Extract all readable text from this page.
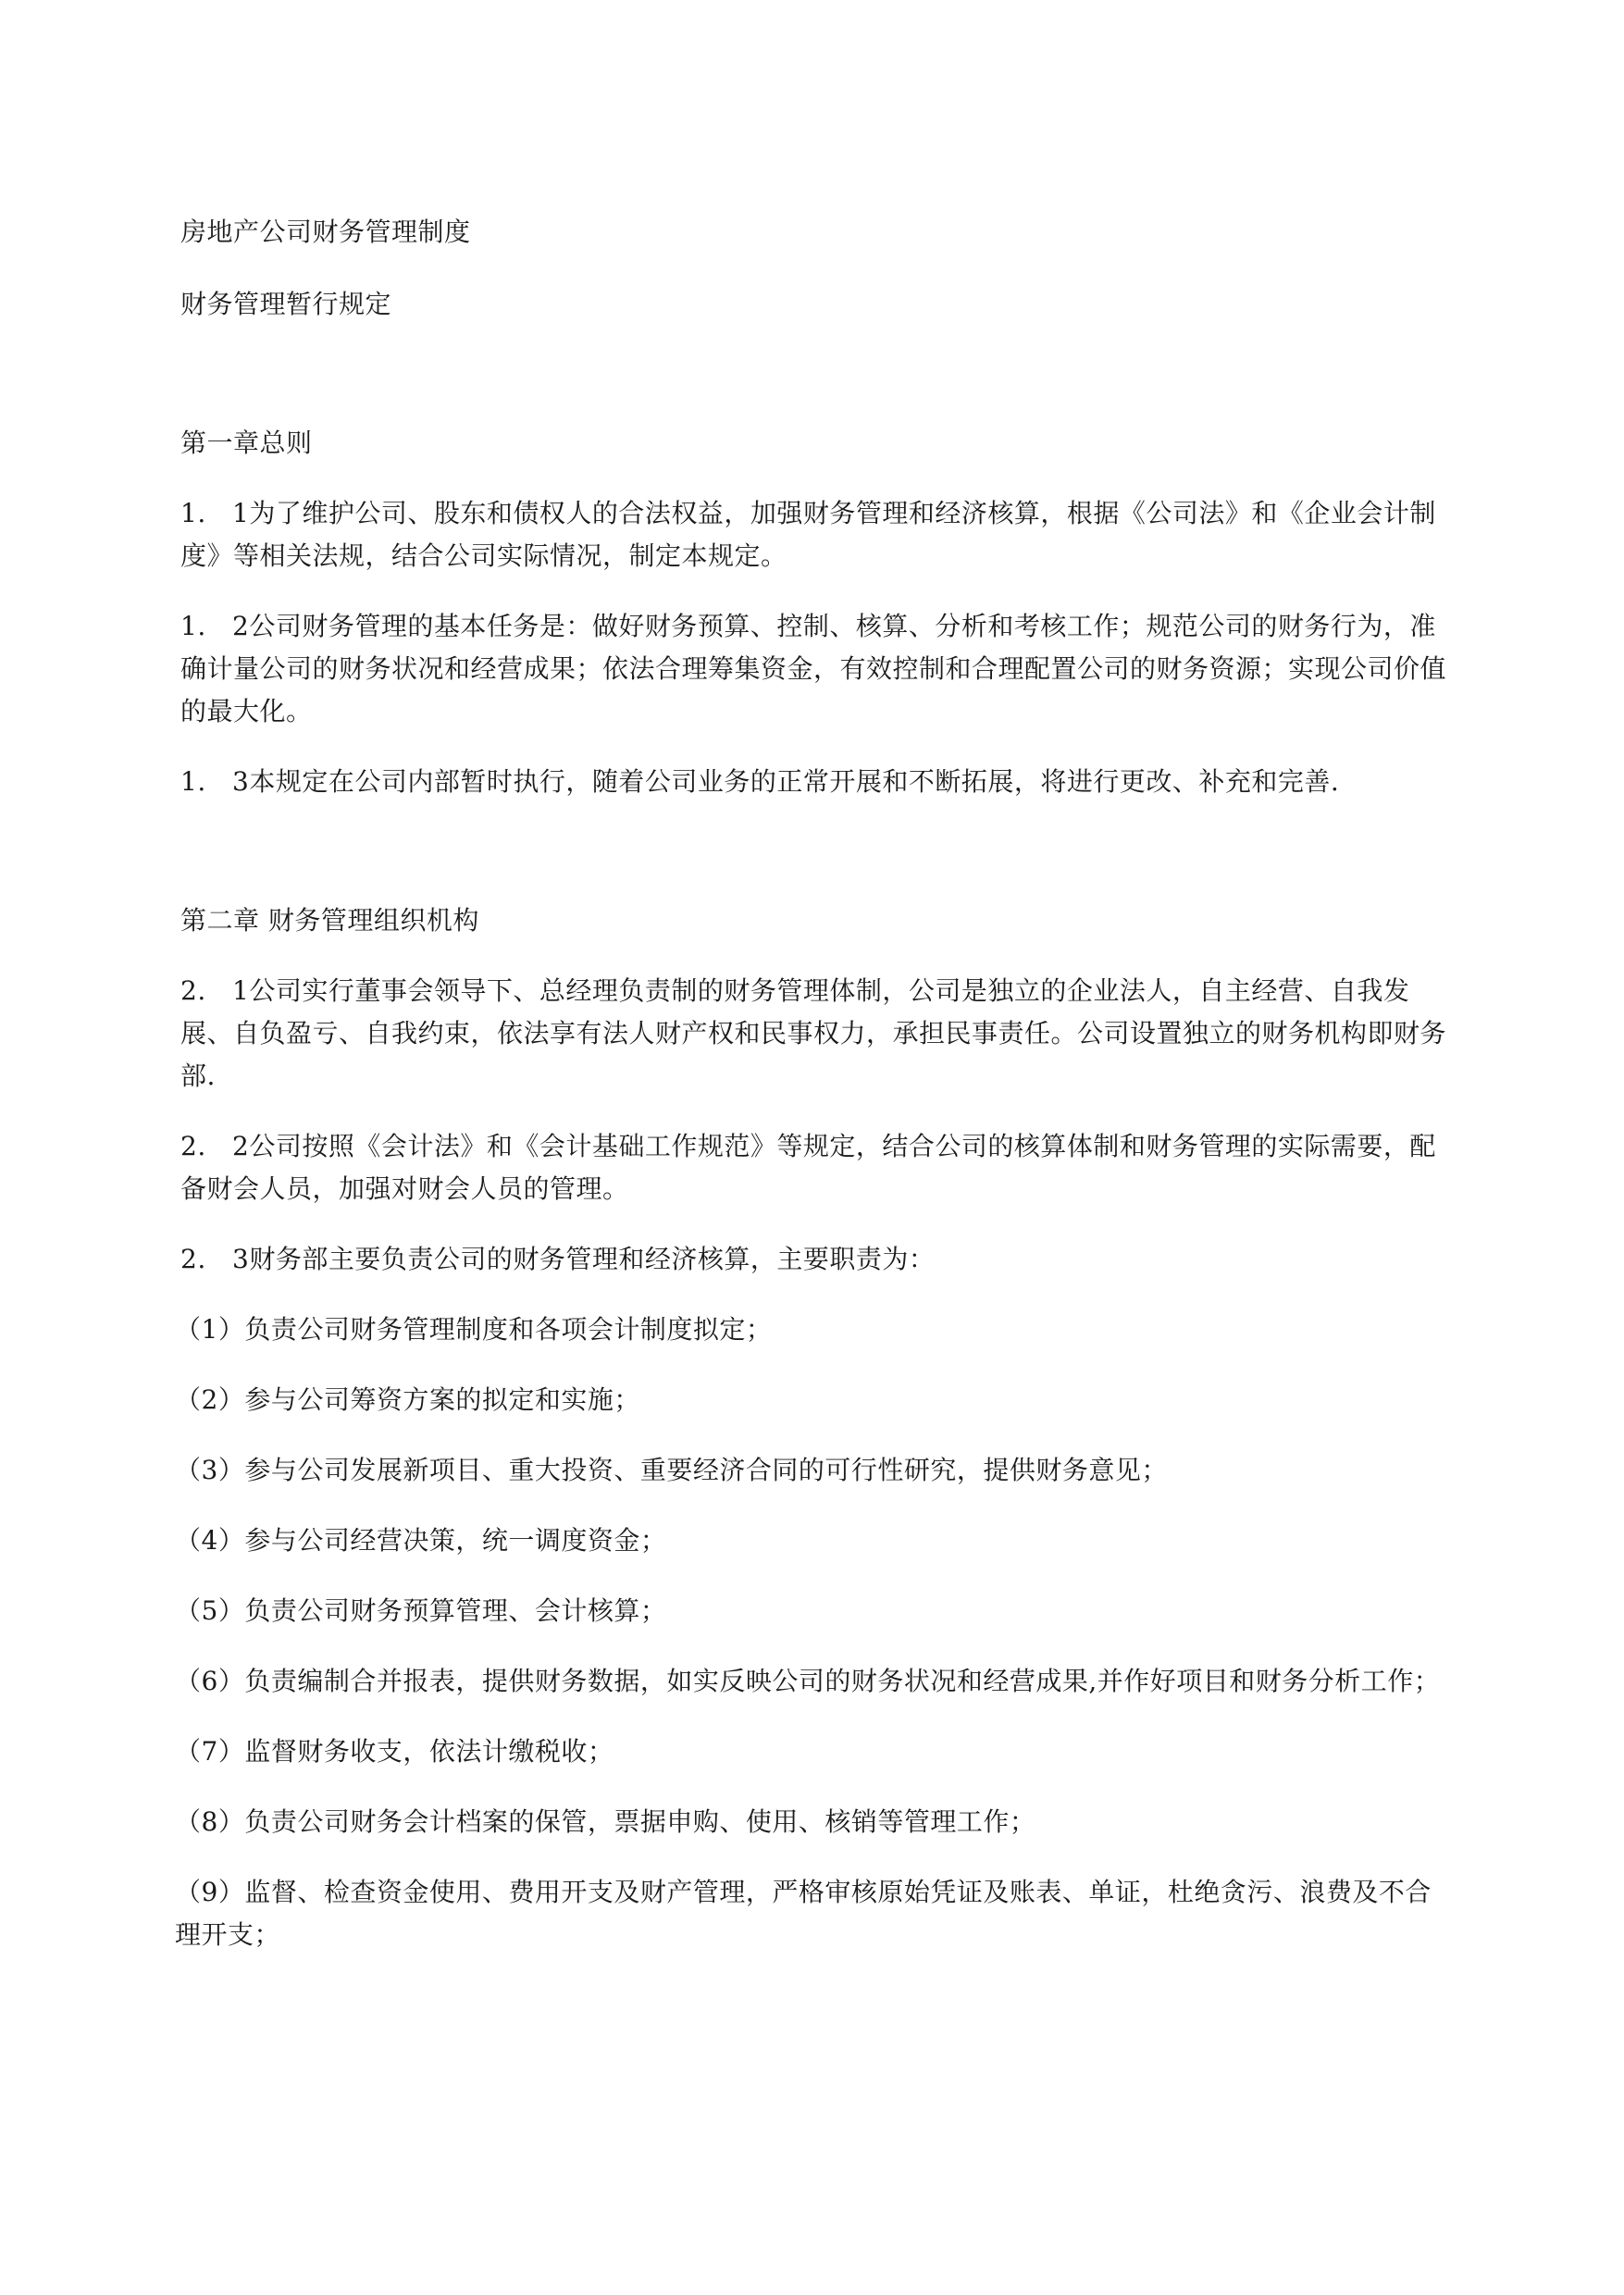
房地产公司财务管理制度

财务管理暂行规定

第一章总则

1. 1为了维护公司、股东和债权人的合法权益，加强财务管理和经济核算，根据《公司法》和《企业会计制度》等相关法规，结合公司实际情况，制定本规定。

1. 2公司财务管理的基本任务是：做好财务预算、控制、核算、分析和考核工作；规范公司的财务行为，准确计量公司的财务状况和经营成果；依法合理筹集资金，有效控制和合理配置公司的财务资源；实现公司价值的最大化。

1. 3本规定在公司内部暂时执行，随着公司业务的正常开展和不断拓展，将进行更改、补充和完善.

第二章 财务管理组织机构

2. 1公司实行董事会领导下、总经理负责制的财务管理体制，公司是独立的企业法人，自主经营、自我发展、自负盈亏、自我约束，依法享有法人财产权和民事权力，承担民事责任。公司设置独立的财务机构即财务部.

2. 2公司按照《会计法》和《会计基础工作规范》等规定，结合公司的核算体制和财务管理的实际需要，配备财会人员，加强对财会人员的管理。

2. 3财务部主要负责公司的财务管理和经济核算，主要职责为：

（1）负责公司财务管理制度和各项会计制度拟定；

（2）参与公司筹资方案的拟定和实施；

（3）参与公司发展新项目、重大投资、重要经济合同的可行性研究，提供财务意见；

（4）参与公司经营决策，统一调度资金；

（5）负责公司财务预算管理、会计核算；

（6）负责编制合并报表，提供财务数据，如实反映公司的财务状况和经营成果,并作好项目和财务分析工作；

（7）监督财务收支，依法计缴税收；

（8）负责公司财务会计档案的保管，票据申购、使用、核销等管理工作；

（9）监督、检查资金使用、费用开支及财产管理，严格审核原始凭证及账表、单证，杜绝贪污、浪费及不合理开支；
